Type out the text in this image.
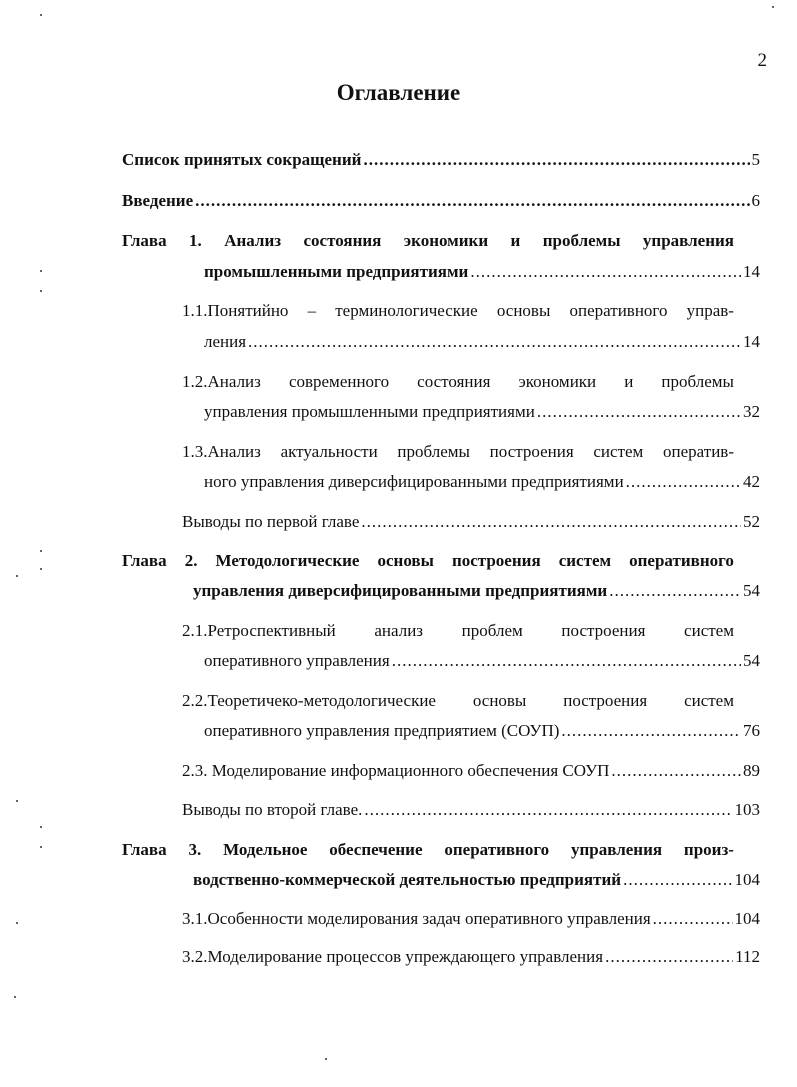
2
Оглавление
Список принятых сокращений .....	5
Введение .....	6
Глава 1. Анализ состояния экономики и проблемы управления
промышленными предприятиями .....	14
1.1.Понятийно – терминологические основы оперативного управ-
ления .....	14
1.2.Анализ современного состояния экономики и проблемы
управления промышленными предприятиями .....	32
1.3.Анализ актуальности проблемы построения систем оператив-
ного управления диверсифицированными предприятиями .....	42
Выводы по первой главе .....	52
Глава 2. Методологические основы построения систем оперативного
управления диверсифицированными предприятиями .....	54
2.1.Ретроспективный анализ проблем построения систем
оперативного управления .....	54
2.2.Теоретичеко-методологические основы построения систем
оперативного управления предприятием (СОУП) .....	76
2.3. Моделирование информационного обеспечения СОУП .....	89
Выводы по второй главе. .....	103
Глава 3. Модельное обеспечение оперативного управления произ-
водственно-коммерческой деятельностью предприятий .....	104
3.1.Особенности моделирования задач оперативного управления .....	104
3.2.Моделирование процессов упреждающего управления .....	112
